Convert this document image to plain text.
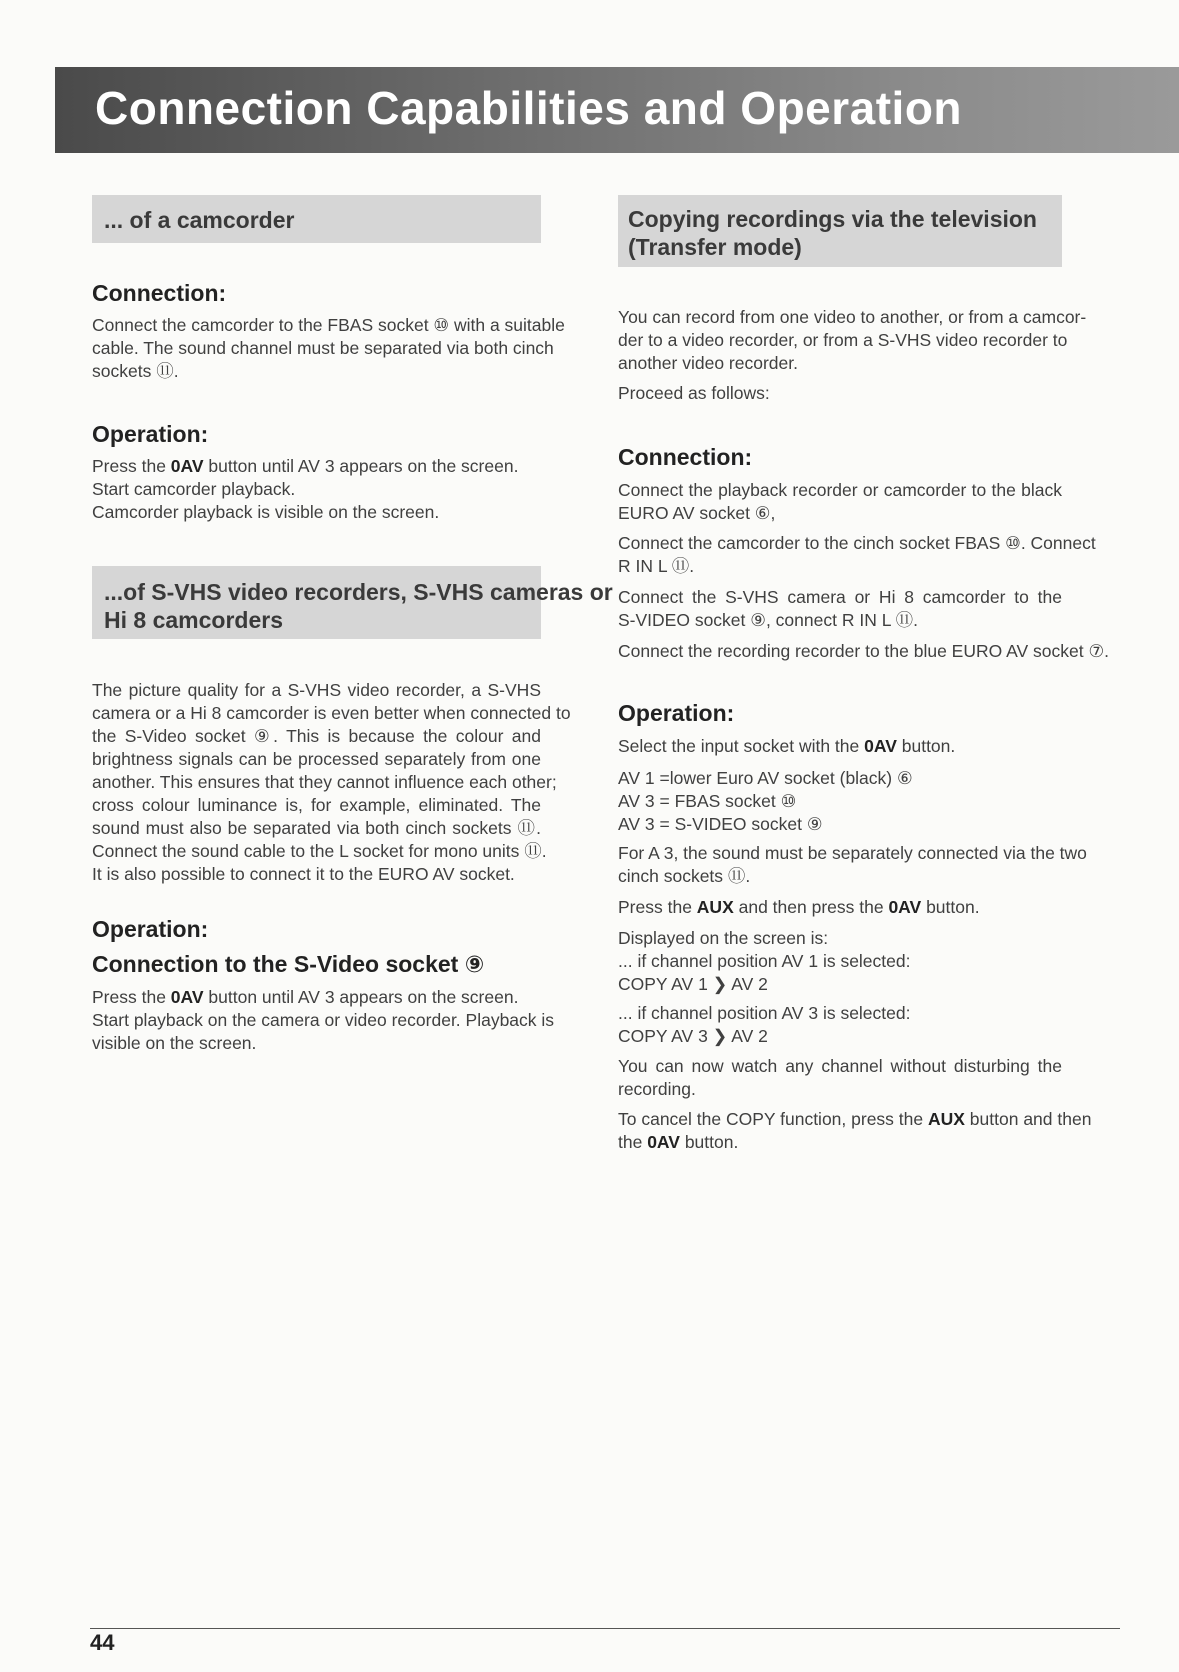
Connection Capabilities and Operation
... of a camcorder
Connection:
Connect the camcorder to the FBAS socket ⑩ with a suitable
cable. The sound channel must be separated via both cinch
sockets ⑪.
Operation:
Press the 0AV button until AV 3 appears on the screen.
Start camcorder playback.
Camcorder playback is visible on the screen.
...of S-VHS video recorders, S-VHS cameras or
Hi 8 camcorders
The picture quality for a S-VHS video recorder, a S-VHS
camera or a Hi 8 camcorder is even better when connected to
the S-Video socket ⑨. This is because the colour and
brightness signals can be processed separately from one
another. This ensures that they cannot influence each other;
cross colour luminance is, for example, eliminated. The
sound must also be separated via both cinch sockets ⑪.
Connect the sound cable to the L socket for mono units ⑪.
It is also possible to connect it to the EURO AV socket.
Operation:
Connection to the S-Video socket ⑨
Press the 0AV button until AV 3 appears on the screen.
Start playback on the camera or video recorder. Playback is
visible on the screen.
Copying recordings via the television
(Transfer mode)
You can record from one video to another, or from a camcor-
der to a video recorder, or from a S-VHS video recorder to
another video recorder.
Proceed as follows:
Connection:
Connect the playback recorder or camcorder to the black
EURO AV socket ⑥,
Connect the camcorder to the cinch socket FBAS ⑩. Connect
R IN L ⑪.
Connect the S-VHS camera or Hi 8 camcorder to the
S-VIDEO socket ⑨, connect R IN L ⑪.
Connect the recording recorder to the blue EURO AV socket ⑦.
Operation:
Select the input socket with the 0AV button.
AV 1 =lower Euro AV socket (black) ⑥
AV 3 = FBAS socket ⑩
AV 3 = S-VIDEO socket ⑨
For A 3, the sound must be separately connected via the two
cinch sockets ⑪.
Press the AUX and then press the 0AV button.
Displayed on the screen is:
... if channel position AV 1 is selected:
COPY AV 1 ❯ AV 2
... if channel position AV 3 is selected:
COPY AV 3 ❯ AV 2
You can now watch any channel without disturbing the
recording.
To cancel the COPY function, press the AUX button and then
the 0AV button.
44
